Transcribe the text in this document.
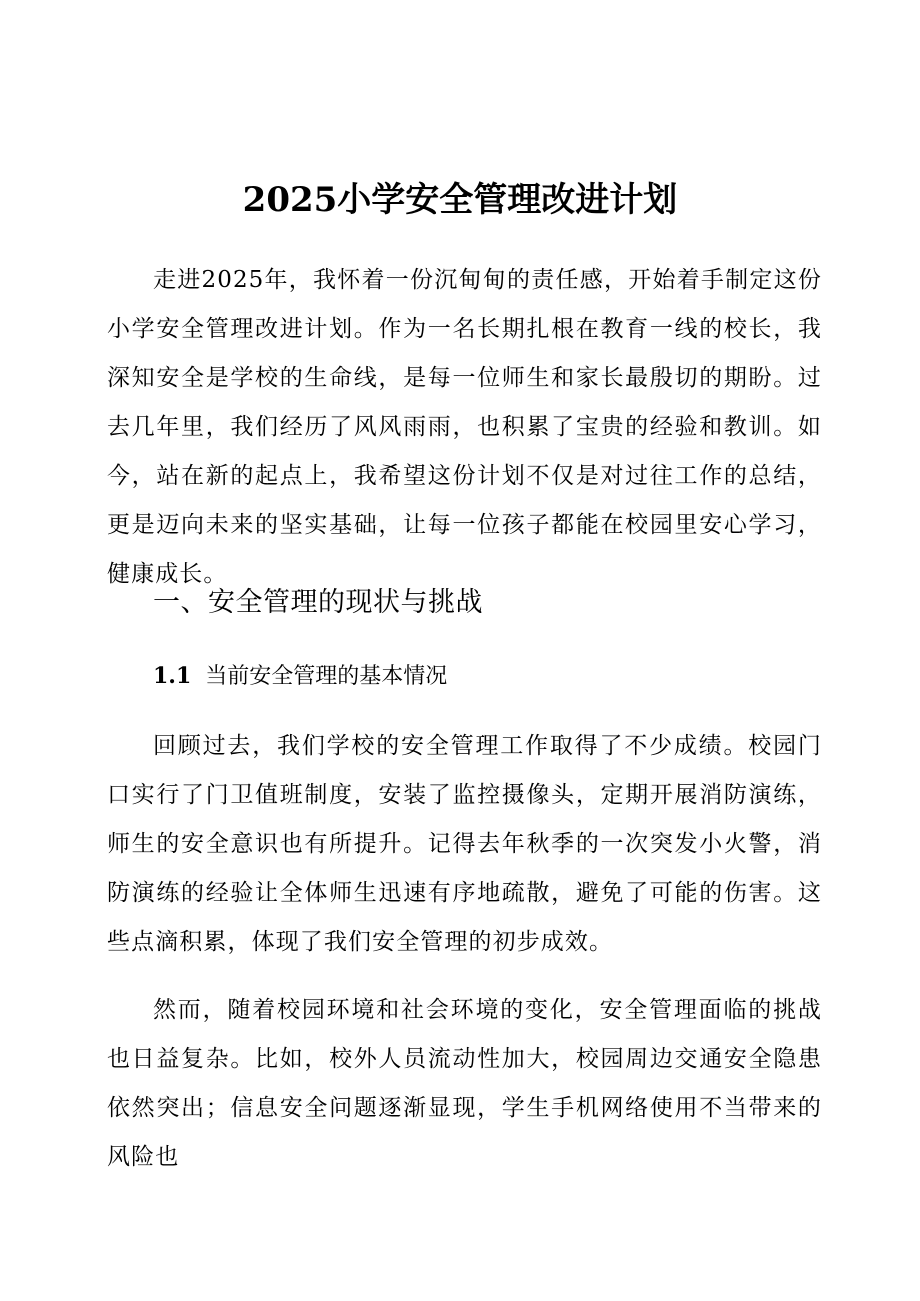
2025小学安全管理改进计划

走进2025年，我怀着一份沉甸甸的责任感，开始着手制定这份小学安全管理改进计划。作为一名长期扎根在教育一线的校长，我深知安全是学校的生命线，是每一位师生和家长最殷切的期盼。过去几年里，我们经历了风风雨雨，也积累了宝贵的经验和教训。如今，站在新的起点上，我希望这份计划不仅是对过往工作的总结，更是迈向未来的坚实基础，让每一位孩子都能在校园里安心学习，健康成长。

一、安全管理的现状与挑战
1.1 当前安全管理的基本情况

回顾过去，我们学校的安全管理工作取得了不少成绩。校园门口实行了门卫值班制度，安装了监控摄像头，定期开展消防演练，师生的安全意识也有所提升。记得去年秋季的一次突发小火警，消防演练的经验让全体师生迅速有序地疏散，避免了可能的伤害。这些点滴积累，体现了我们安全管理的初步成效。

然而，随着校园环境和社会环境的变化，安全管理面临的挑战也日益复杂。比如，校外人员流动性加大，校园周边交通安全隐患依然突出；信息安全问题逐渐显现，学生手机网络使用不当带来的风险也
